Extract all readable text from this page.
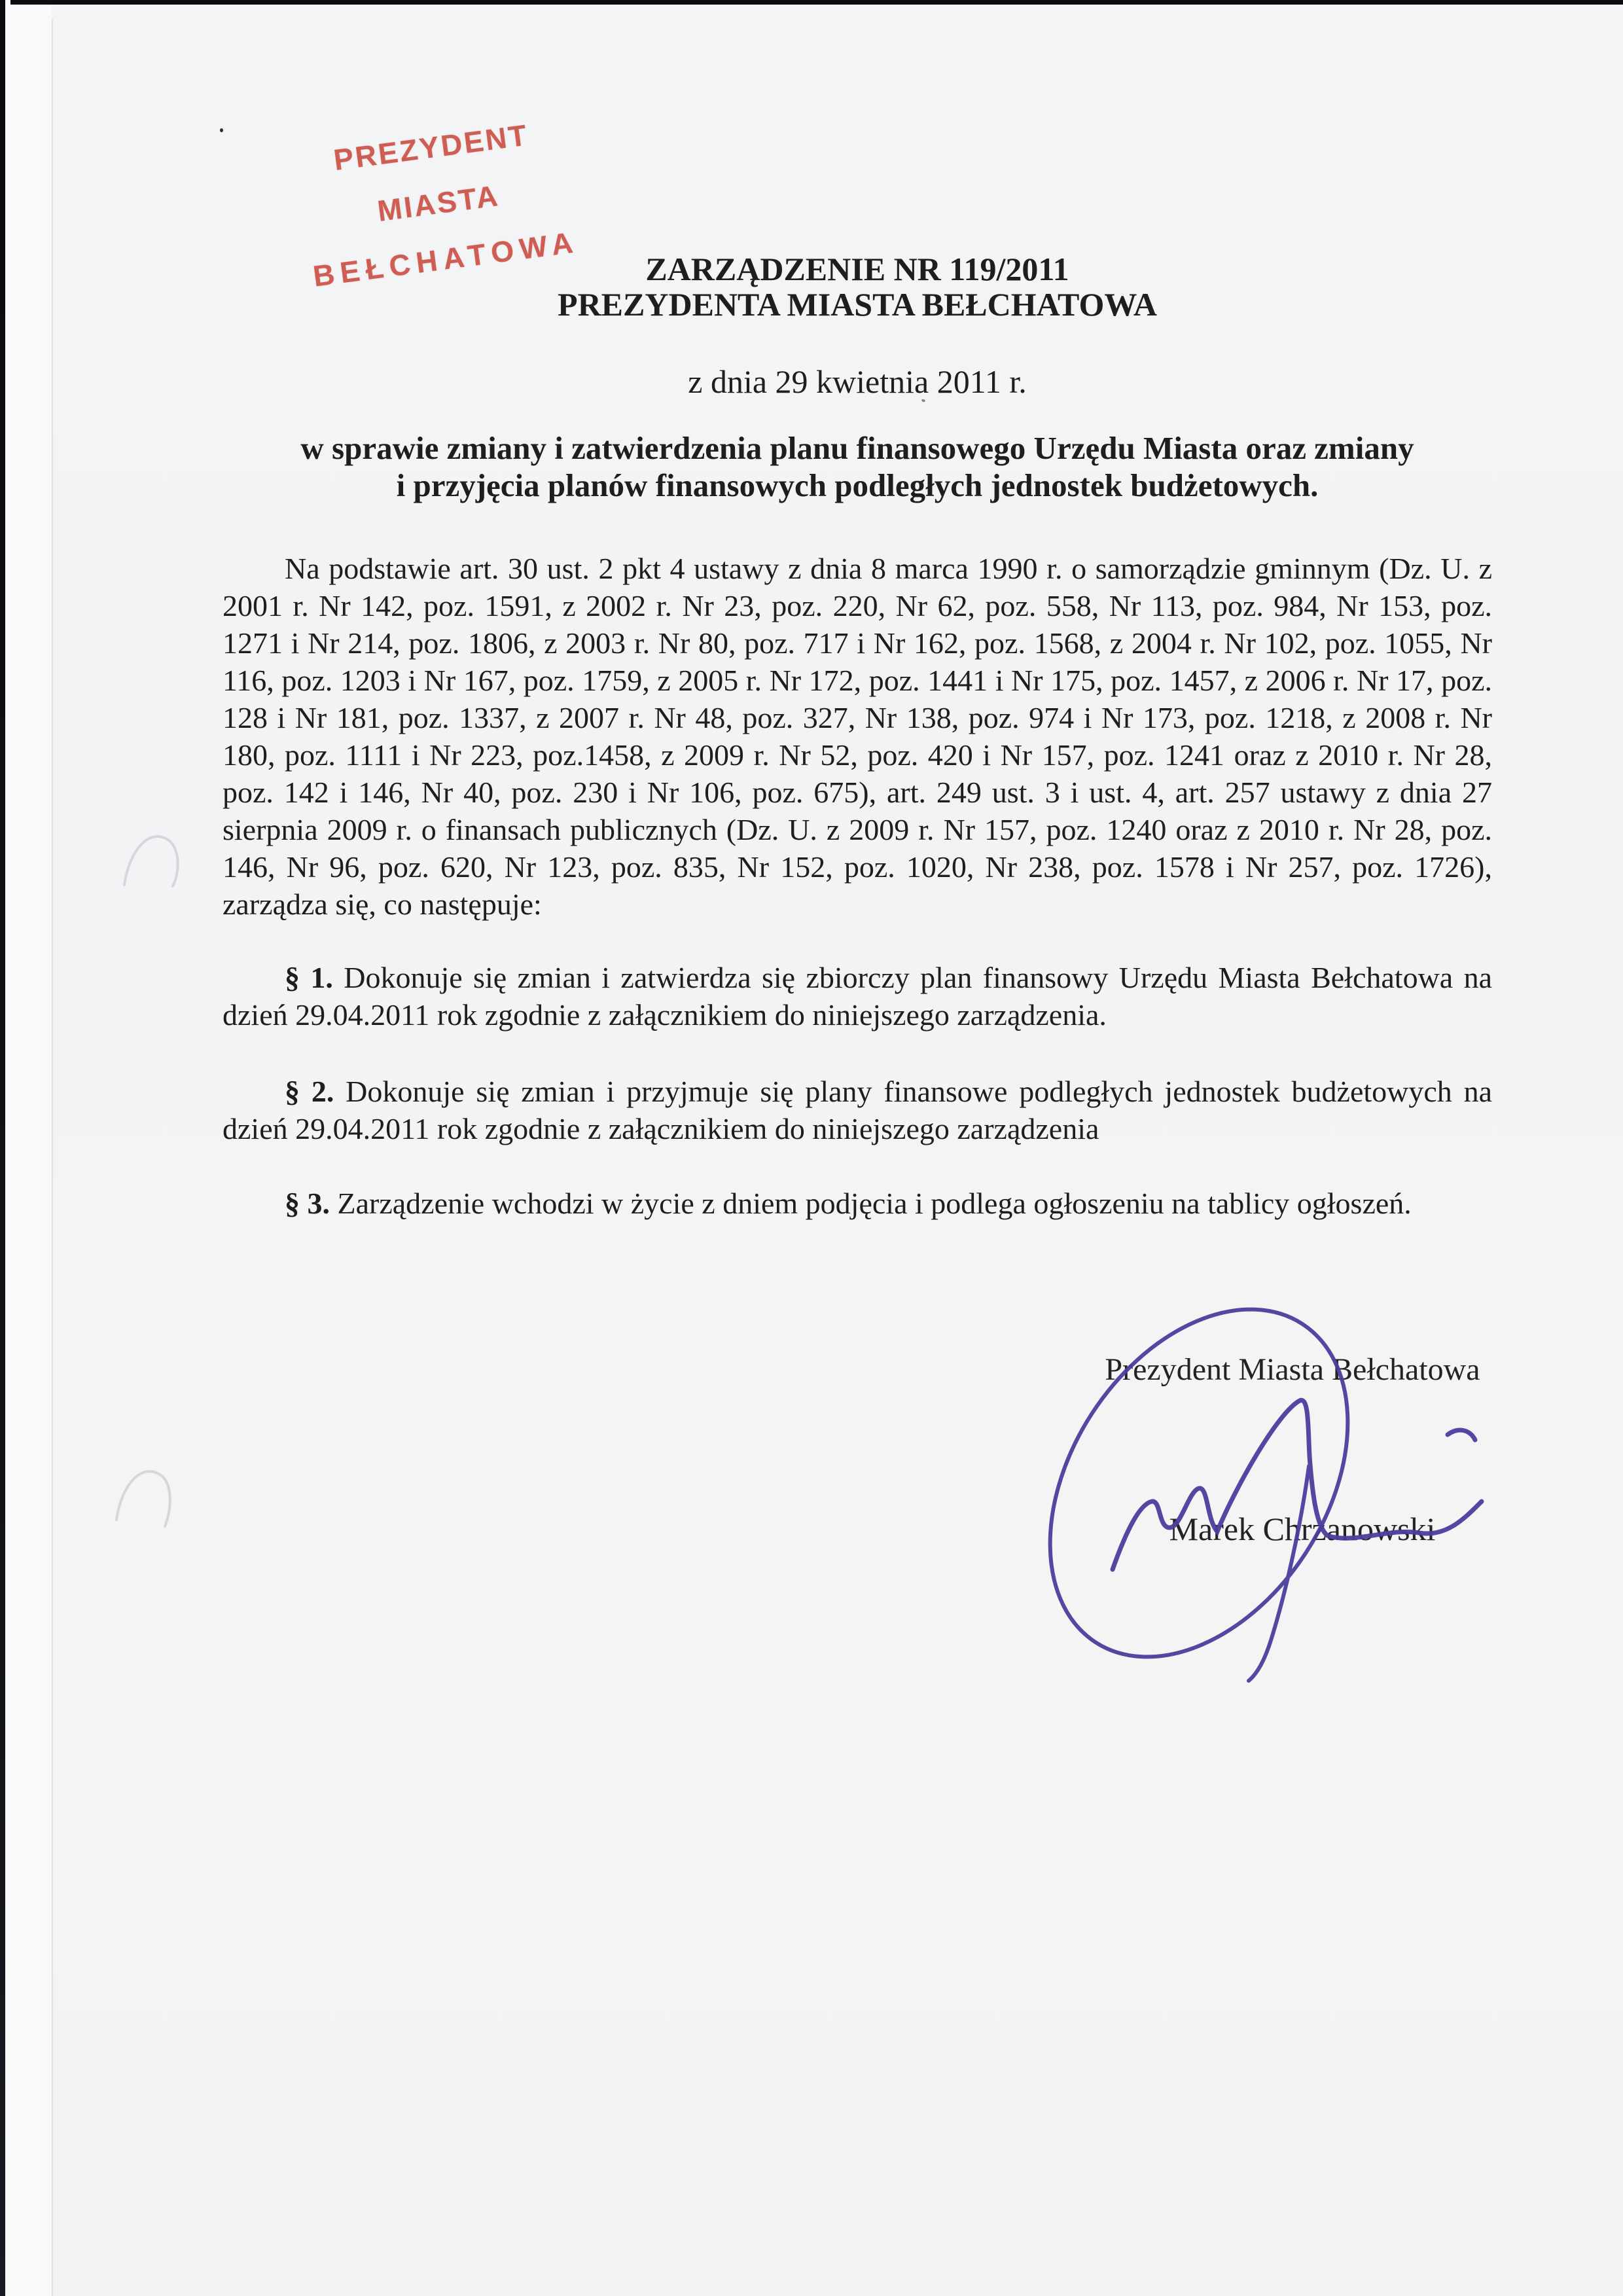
PREZYDENT MIASTA
BEŁCHATOWA	ZARZĄDZENIE NR 119/2011
PREZYDENTA MIASTA BEŁCHATOWA
z dnia 29 kwietnia 2011 r.
w sprawie zmiany i zatwierdzenia planu finansowego Urzędu Miasta oraz zmiany
i przyjęcia planów finansowych podległych jednostek budżetowych.

Na podstawie art. 30 ust. 2 pkt 4 ustawy z dnia 8 marca 1990 r. o samorządzie gminnym (Dz. U. z 2001 r. Nr 142, poz. 1591, z 2002 r. Nr 23, poz. 220, Nr 62, poz. 558, Nr 113, poz. 984, Nr 153, poz. 1271 i Nr 214, poz. 1806, z 2003 r. Nr 80, poz. 717 i Nr 162, poz. 1568, z 2004 r. Nr 102, poz. 1055, Nr 116, poz. 1203 i Nr 167, poz. 1759, z 2005 r. Nr 172, poz. 1441 i Nr 175, poz. 1457, z 2006 r. Nr 17, poz. 128 i Nr 181, poz. 1337, z 2007 r. Nr 48, poz. 327, Nr 138, poz. 974 i Nr 173, poz. 1218, z 2008 r. Nr 180, poz. 1111 i Nr 223, poz.1458, z 2009 r. Nr 52, poz. 420 i Nr 157, poz. 1241 oraz z 2010 r. Nr 28, poz. 142 i 146, Nr 40, poz. 230 i Nr 106, poz. 675), art. 249 ust. 3 i ust. 4, art. 257 ustawy z dnia 27 sierpnia 2009 r. o finansach publicznych (Dz. U. z 2009 r. Nr 157, poz. 1240 oraz z 2010 r. Nr 28, poz. 146, Nr 96, poz. 620, Nr 123, poz. 835, Nr 152, poz. 1020, Nr 238, poz. 1578 i Nr 257, poz. 1726), zarządza się, co następuje:

§ 1. Dokonuje się zmian i zatwierdza się zbiorczy plan finansowy Urzędu Miasta Bełchatowa na dzień 29.04.2011 rok zgodnie z załącznikiem do niniejszego zarządzenia.

§ 2. Dokonuje się zmian i przyjmuje się plany finansowe podległych jednostek budżetowych na dzień 29.04.2011 rok zgodnie z załącznikiem do niniejszego zarządzenia

§ 3. Zarządzenie wchodzi w życie z dniem podjęcia i podlega ogłoszeniu na tablicy ogłoszeń.

Prezydent Miasta Bełchatowa
Marek Chrzanowski
